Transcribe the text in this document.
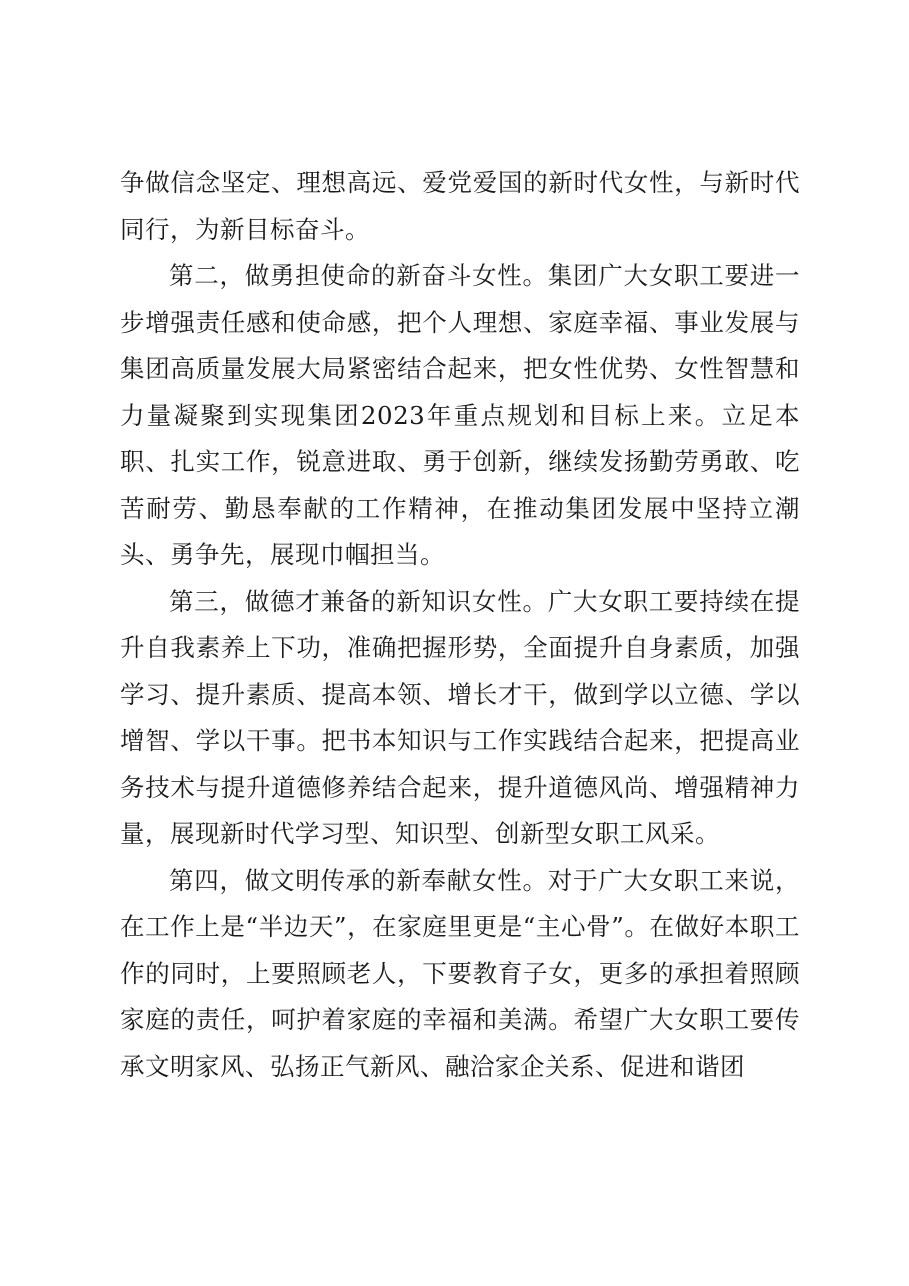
争做信念坚定、理想高远、爱党爱国的新时代女性，与新时代同行，为新目标奋斗。

第二，做勇担使命的新奋斗女性。集团广大女职工要进一步增强责任感和使命感，把个人理想、家庭幸福、事业发展与集团高质量发展大局紧密结合起来，把女性优势、女性智慧和力量凝聚到实现集团2023年重点规划和目标上来。立足本职、扎实工作，锐意进取、勇于创新，继续发扬勤劳勇敢、吃苦耐劳、勤恳奉献的工作精神，在推动集团发展中坚持立潮头、勇争先，展现巾帼担当。

第三，做德才兼备的新知识女性。广大女职工要持续在提升自我素养上下功，准确把握形势，全面提升自身素质，加强学习、提升素质、提高本领、增长才干，做到学以立德、学以增智、学以干事。把书本知识与工作实践结合起来，把提高业务技术与提升道德修养结合起来，提升道德风尚、增强精神力量，展现新时代学习型、知识型、创新型女职工风采。

第四，做文明传承的新奉献女性。对于广大女职工来说，在工作上是“半边天”，在家庭里更是“主心骨”。在做好本职工作的同时，上要照顾老人，下要教育子女，更多的承担着照顾家庭的责任，呵护着家庭的幸福和美满。希望广大女职工要传承文明家风、弘扬正气新风、融洽家企关系、促进和谐团
